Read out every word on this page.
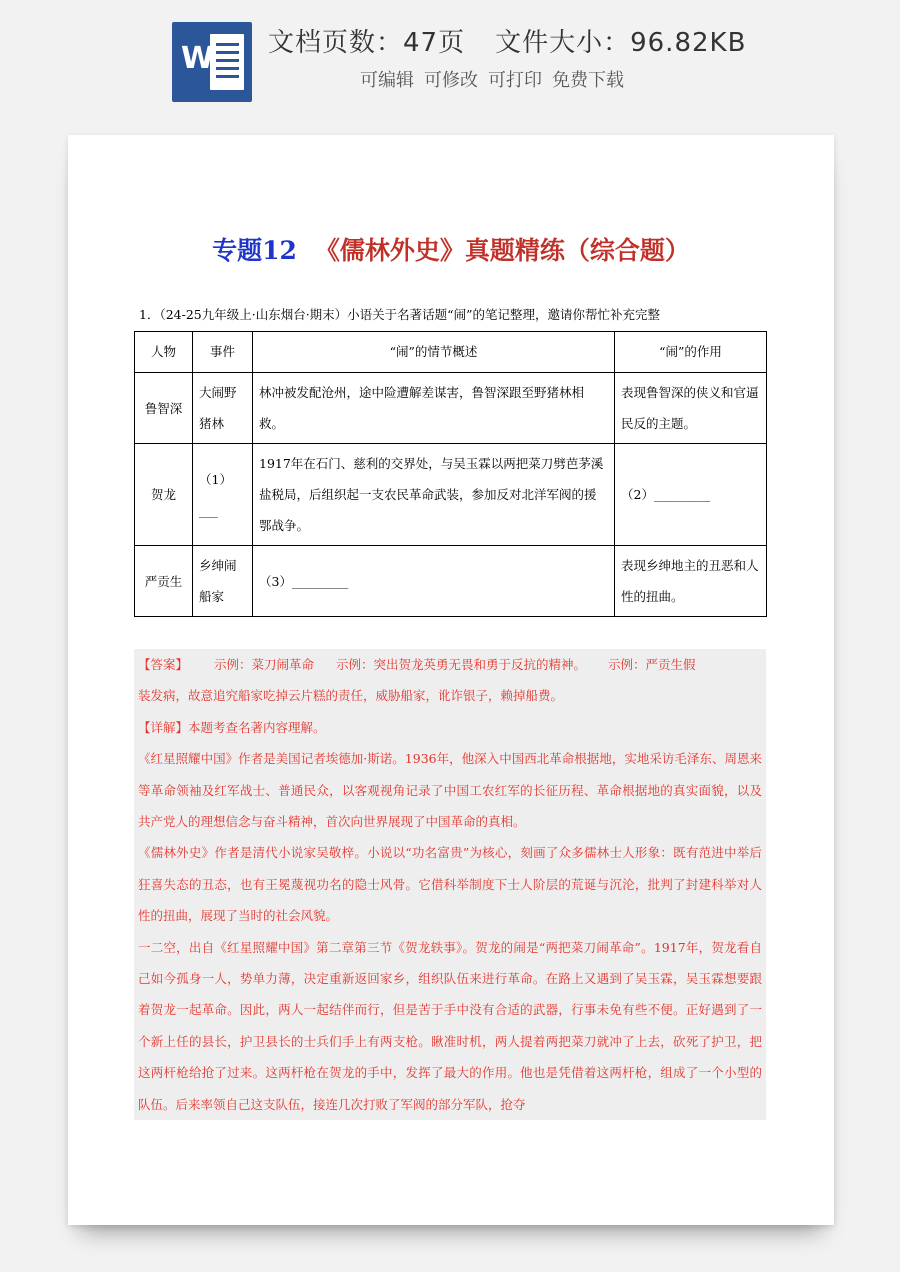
W 文档页数：47页 文件大小：96.82KB
可编辑 可修改 可打印 免费下载
专题12 《儒林外史》真题精练（综合题）
1．（24-25九年级上·山东烟台·期末）小语关于名著话题“闹”的笔记整理，邀请你帮忙补充完整
人物	事件	“闹”的情节概述	“闹”的作用
鲁智深	大闹野猪林	林冲被发配沧州，途中险遭解差谋害，鲁智深跟至野猪林相救。	表现鲁智深的侠义和官逼民反的主题。
贺龙	（1）___	1917年在石门、慈利的交界处，与吴玉霖以两把菜刀劈芭茅溪盐税局，后组织起一支农民革命武装，参加反对北洋军阀的援鄂战争。	（2）_________
严贡生	乡绅闹船家	（3）_________	表现乡绅地主的丑恶和人性的扭曲。

【答案】 示例：菜刀闹革命 示例：突出贺龙英勇无畏和勇于反抗的精神。 示例：严贡生假

装发病，故意追究船家吃掉云片糕的责任，威胁船家，讹诈银子，赖掉船费。

【详解】本题考查名著内容理解。

《红星照耀中国》作者是美国记者埃德加·斯诺。1936年，他深入中国西北革命根据地，实地采访毛泽东、周恩来等革命领袖及红军战士、普通民众，以客观视角记录了中国工农红军的长征历程、革命根据地的真实面貌，以及共产党人的理想信念与奋斗精神，首次向世界展现了中国革命的真相。

《儒林外史》作者是清代小说家吴敬梓。小说以“功名富贵”为核心，刻画了众多儒林士人形象：既有范进中举后狂喜失态的丑态，也有王冕蔑视功名的隐士风骨。它借科举制度下士人阶层的荒诞与沉沦，批判了封建科举对人性的扭曲，展现了当时的社会风貌。

一二空，出自《红星照耀中国》第二章第三节《贺龙轶事》。贺龙的闹是“两把菜刀闹革命”。1917年，贺龙看自己如今孤身一人，势单力薄，决定重新返回家乡，组织队伍来进行革命。在路上又遇到了吴玉霖，吴玉霖想要跟着贺龙一起革命。因此，两人一起结伴而行，但是苦于手中没有合适的武器，行事未免有些不便。正好遇到了一个新上任的县长，护卫县长的士兵们手上有两支枪。瞅准时机，两人提着两把菜刀就冲了上去，砍死了护卫，把这两杆枪给抢了过来。这两杆枪在贺龙的手中，发挥了最大的作用。他也是凭借着这两杆枪，组成了一个小型的队伍。后来率领自己这支队伍，接连几次打败了军阀的部分军队，抢夺
